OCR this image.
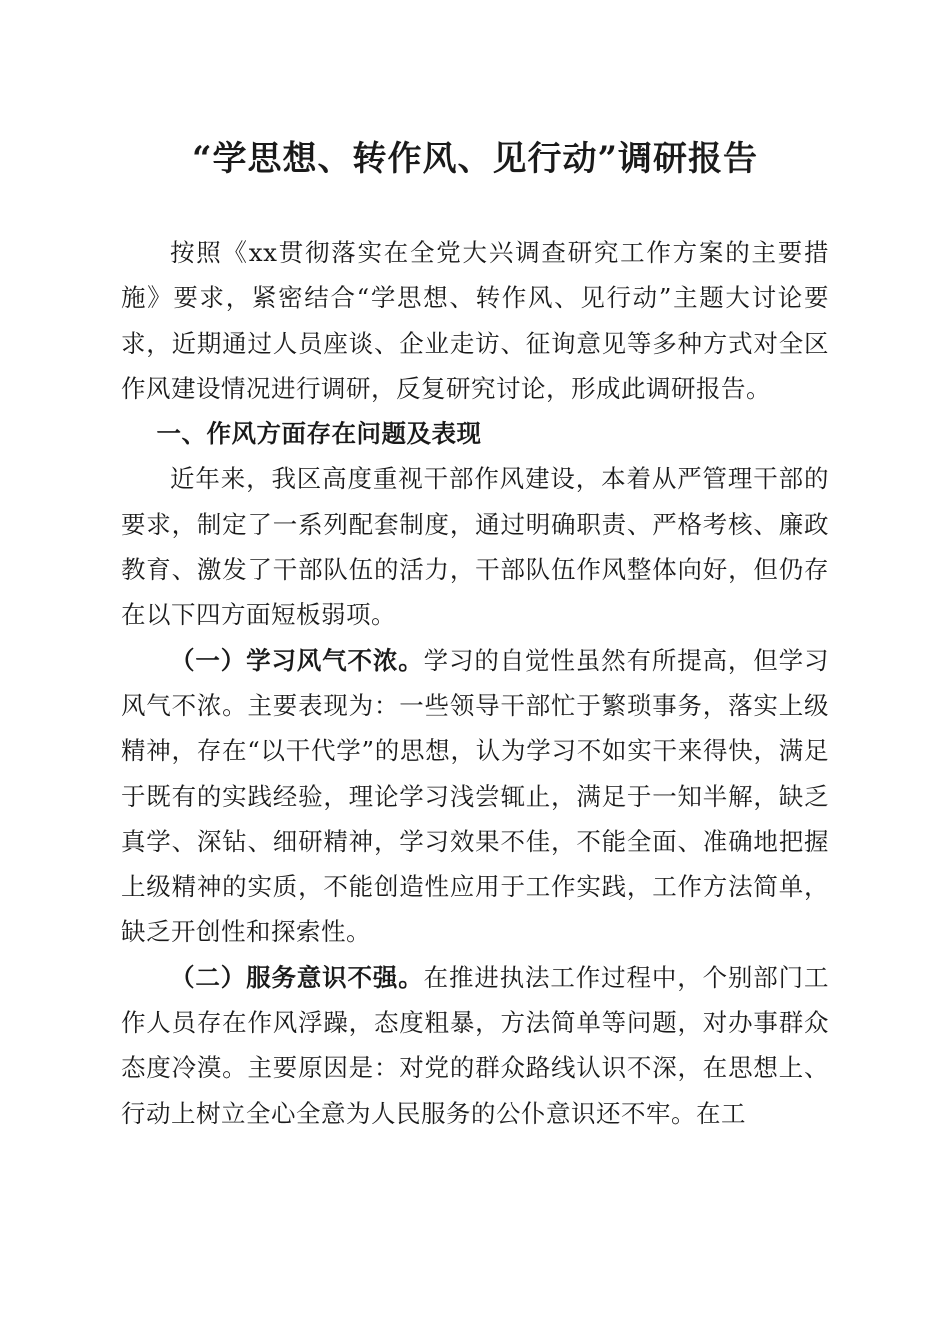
“学思想、转作风、见行动”调研报告

按照《xx贯彻落实在全党大兴调查研究工作方案的主要措施》要求，紧密结合“学思想、转作风、见行动”主题大讨论要求，近期通过人员座谈、企业走访、征询意见等多种方式对全区作风建设情况进行调研，反复研究讨论，形成此调研报告。

一、作风方面存在问题及表现

近年来，我区高度重视干部作风建设，本着从严管理干部的要求，制定了一系列配套制度，通过明确职责、严格考核、廉政教育、激发了干部队伍的活力，干部队伍作风整体向好，但仍存在以下四方面短板弱项。

（一）学习风气不浓。学习的自觉性虽然有所提高，但学习风气不浓。主要表现为：一些领导干部忙于繁琐事务，落实上级精神，存在“以干代学”的思想，认为学习不如实干来得快，满足于既有的实践经验，理论学习浅尝辄止，满足于一知半解，缺乏真学、深钻、细研精神，学习效果不佳，不能全面、准确地把握上级精神的实质，不能创造性应用于工作实践，工作方法简单，缺乏开创性和探索性。

（二）服务意识不强。在推进执法工作过程中，个别部门工作人员存在作风浮躁，态度粗暴，方法简单等问题，对办事群众态度冷漠。主要原因是：对党的群众路线认识不深，在思想上、行动上树立全心全意为人民服务的公仆意识还不牢。在工
